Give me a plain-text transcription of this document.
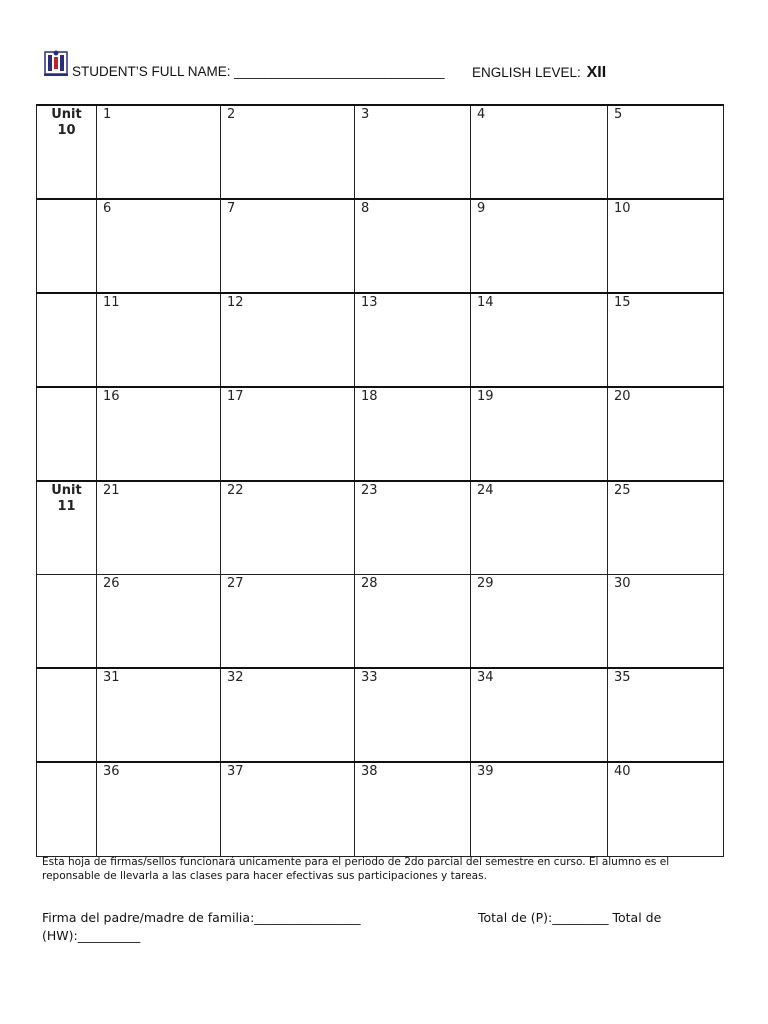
STUDENT’S FULL NAME: ____________________________ ENGLISH LEVEL: XII
Unit
10	1	2	3	4	5

	6	7	8	9	10

	11	12	13	14	15

	16	17	18	19	20

Unit
11	21	22	23	24	25

	26	27	28	29	30

	31	32	33	34	35

	36	37	38	39	40
Esta hoja de firmas/sellos funcionará unicamente para el periodo de 2do parcial del semestre en curso. El alumno es el reponsable de llevarla a las clases para hacer efectivas sus participaciones y tareas.
Firma del padre/madre de familia:_________________	Total de (P):_________ Total de
(HW):__________
